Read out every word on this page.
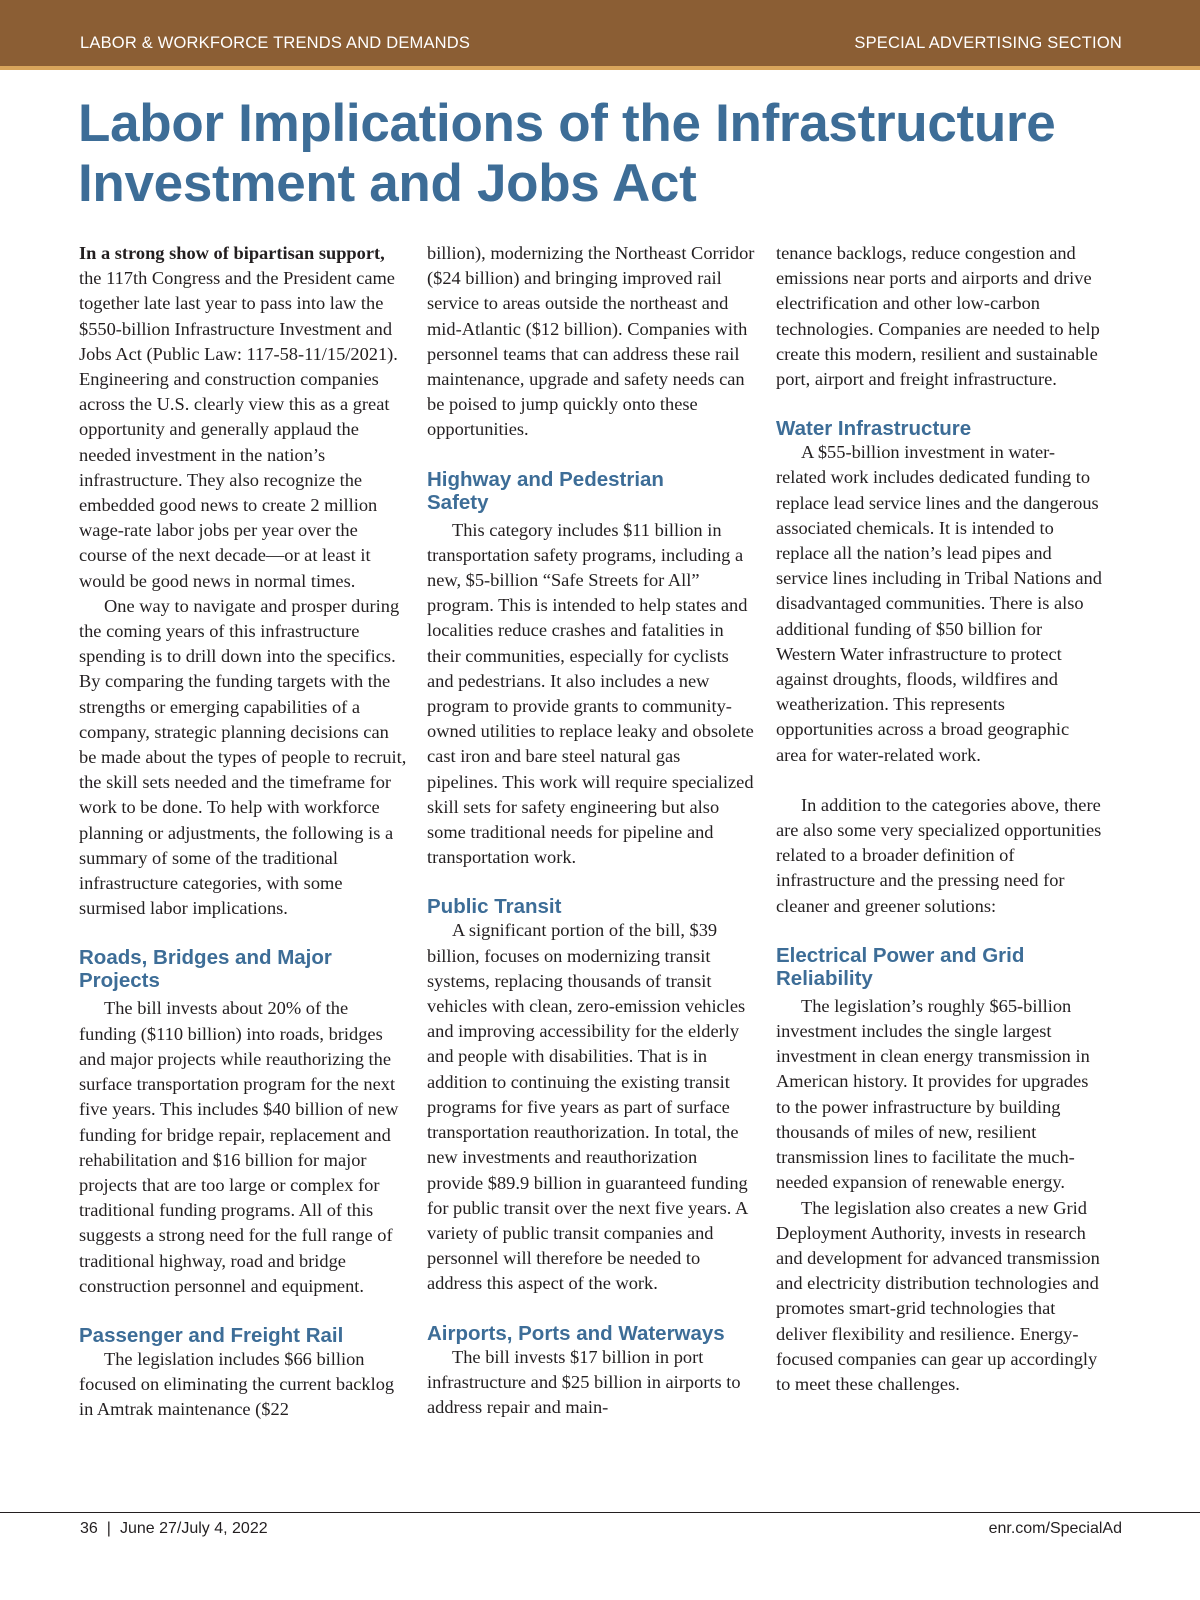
LABOR & WORKFORCE TRENDS AND DEMANDS	SPECIAL ADVERTISING SECTION
Labor Implications of the Infrastructure
Investment and Jobs Act

In a strong show of bipartisan support, the 117th Congress and the President came together late last year to pass into law the $550-billion Infrastructure Investment and Jobs Act (Public Law: 117-58-11/15/2021). Engineering and construction companies across the U.S. clearly view this as a great opportunity and generally applaud the needed investment in the nation’s infrastructure. They also recognize the embedded good news to create 2 million wage-rate labor jobs per year over the course of the next decade—or at least it would be good news in normal times.

One way to navigate and prosper during the coming years of this infrastructure spending is to drill down into the specifics. By comparing the funding targets with the strengths or emerging capabilities of a company, strategic planning decisions can be made about the types of people to recruit, the skill sets needed and the timeframe for work to be done. To help with workforce planning or adjustments, the following is a summary of some of the traditional infrastructure categories, with some surmised labor implications.

Roads, Bridges and Major
Projects

The bill invests about 20% of the funding ($110 billion) into roads, bridges and major projects while reauthorizing the surface transportation program for the next five years. This includes $40 billion of new funding for bridge repair, replacement and rehabilitation and $16 billion for major projects that are too large or complex for traditional funding programs. All of this suggests a strong need for the full range of traditional highway, road and bridge construction personnel and equipment.

Passenger and Freight Rail

The legislation includes $66 billion focused on eliminating the current backlog in Amtrak maintenance ($22

billion), modernizing the Northeast Corridor ($24 billion) and bringing improved rail service to areas outside the northeast and mid-Atlantic ($12 billion). Companies with personnel teams that can address these rail maintenance, upgrade and safety needs can be poised to jump quickly onto these opportunities.

Highway and Pedestrian
Safety

This category includes $11 billion in transportation safety programs, including a new, $5-billion “Safe Streets for All” program. This is intended to help states and localities reduce crashes and fatalities in their communities, especially for cyclists and pedestrians. It also includes a new program to provide grants to community-owned utilities to replace leaky and obsolete cast iron and bare steel natural gas pipelines. This work will require specialized skill sets for safety engineering but also some traditional needs for pipeline and transportation work.

Public Transit

A significant portion of the bill, $39 billion, focuses on modernizing transit systems, replacing thousands of transit vehicles with clean, zero-emission vehicles and improving accessibility for the elderly and people with disabilities. That is in addition to continuing the existing transit programs for five years as part of surface transportation reauthorization. In total, the new investments and reauthorization provide $89.9 billion in guaranteed funding for public transit over the next five years. A variety of public transit companies and personnel will therefore be needed to address this aspect of the work.

Airports, Ports and Waterways

The bill invests $17 billion in port infrastructure and $25 billion in airports to address repair and main-

tenance backlogs, reduce congestion and emissions near ports and airports and drive electrification and other low-carbon technologies. Companies are needed to help create this modern, resilient and sustainable port, airport and freight infrastructure.

Water Infrastructure

A $55-billion investment in water-related work includes dedicated funding to replace lead service lines and the dangerous associated chemicals. It is intended to replace all the nation’s lead pipes and service lines including in Tribal Nations and disadvantaged communities. There is also additional funding of $50 billion for Western Water infrastructure to protect against droughts, floods, wildfires and weatherization. This represents opportunities across a broad geographic area for water-related work.

In addition to the categories above, there are also some very specialized opportunities related to a broader definition of infrastructure and the pressing need for cleaner and greener solutions:

Electrical Power and Grid
Reliability

The legislation’s roughly $65-billion investment includes the single largest investment in clean energy transmission in American history. It provides for upgrades to the power infrastructure by building thousands of miles of new, resilient transmission lines to facilitate the much-needed expansion of renewable energy.

The legislation also creates a new Grid Deployment Authority, invests in research and development for advanced transmission and electricity distribution technologies and promotes smart-grid technologies that deliver flexibility and resilience. Energy-focused companies can gear up accordingly to meet these challenges.

36 | June 27/July 4, 2022	enr.com/SpecialAd
